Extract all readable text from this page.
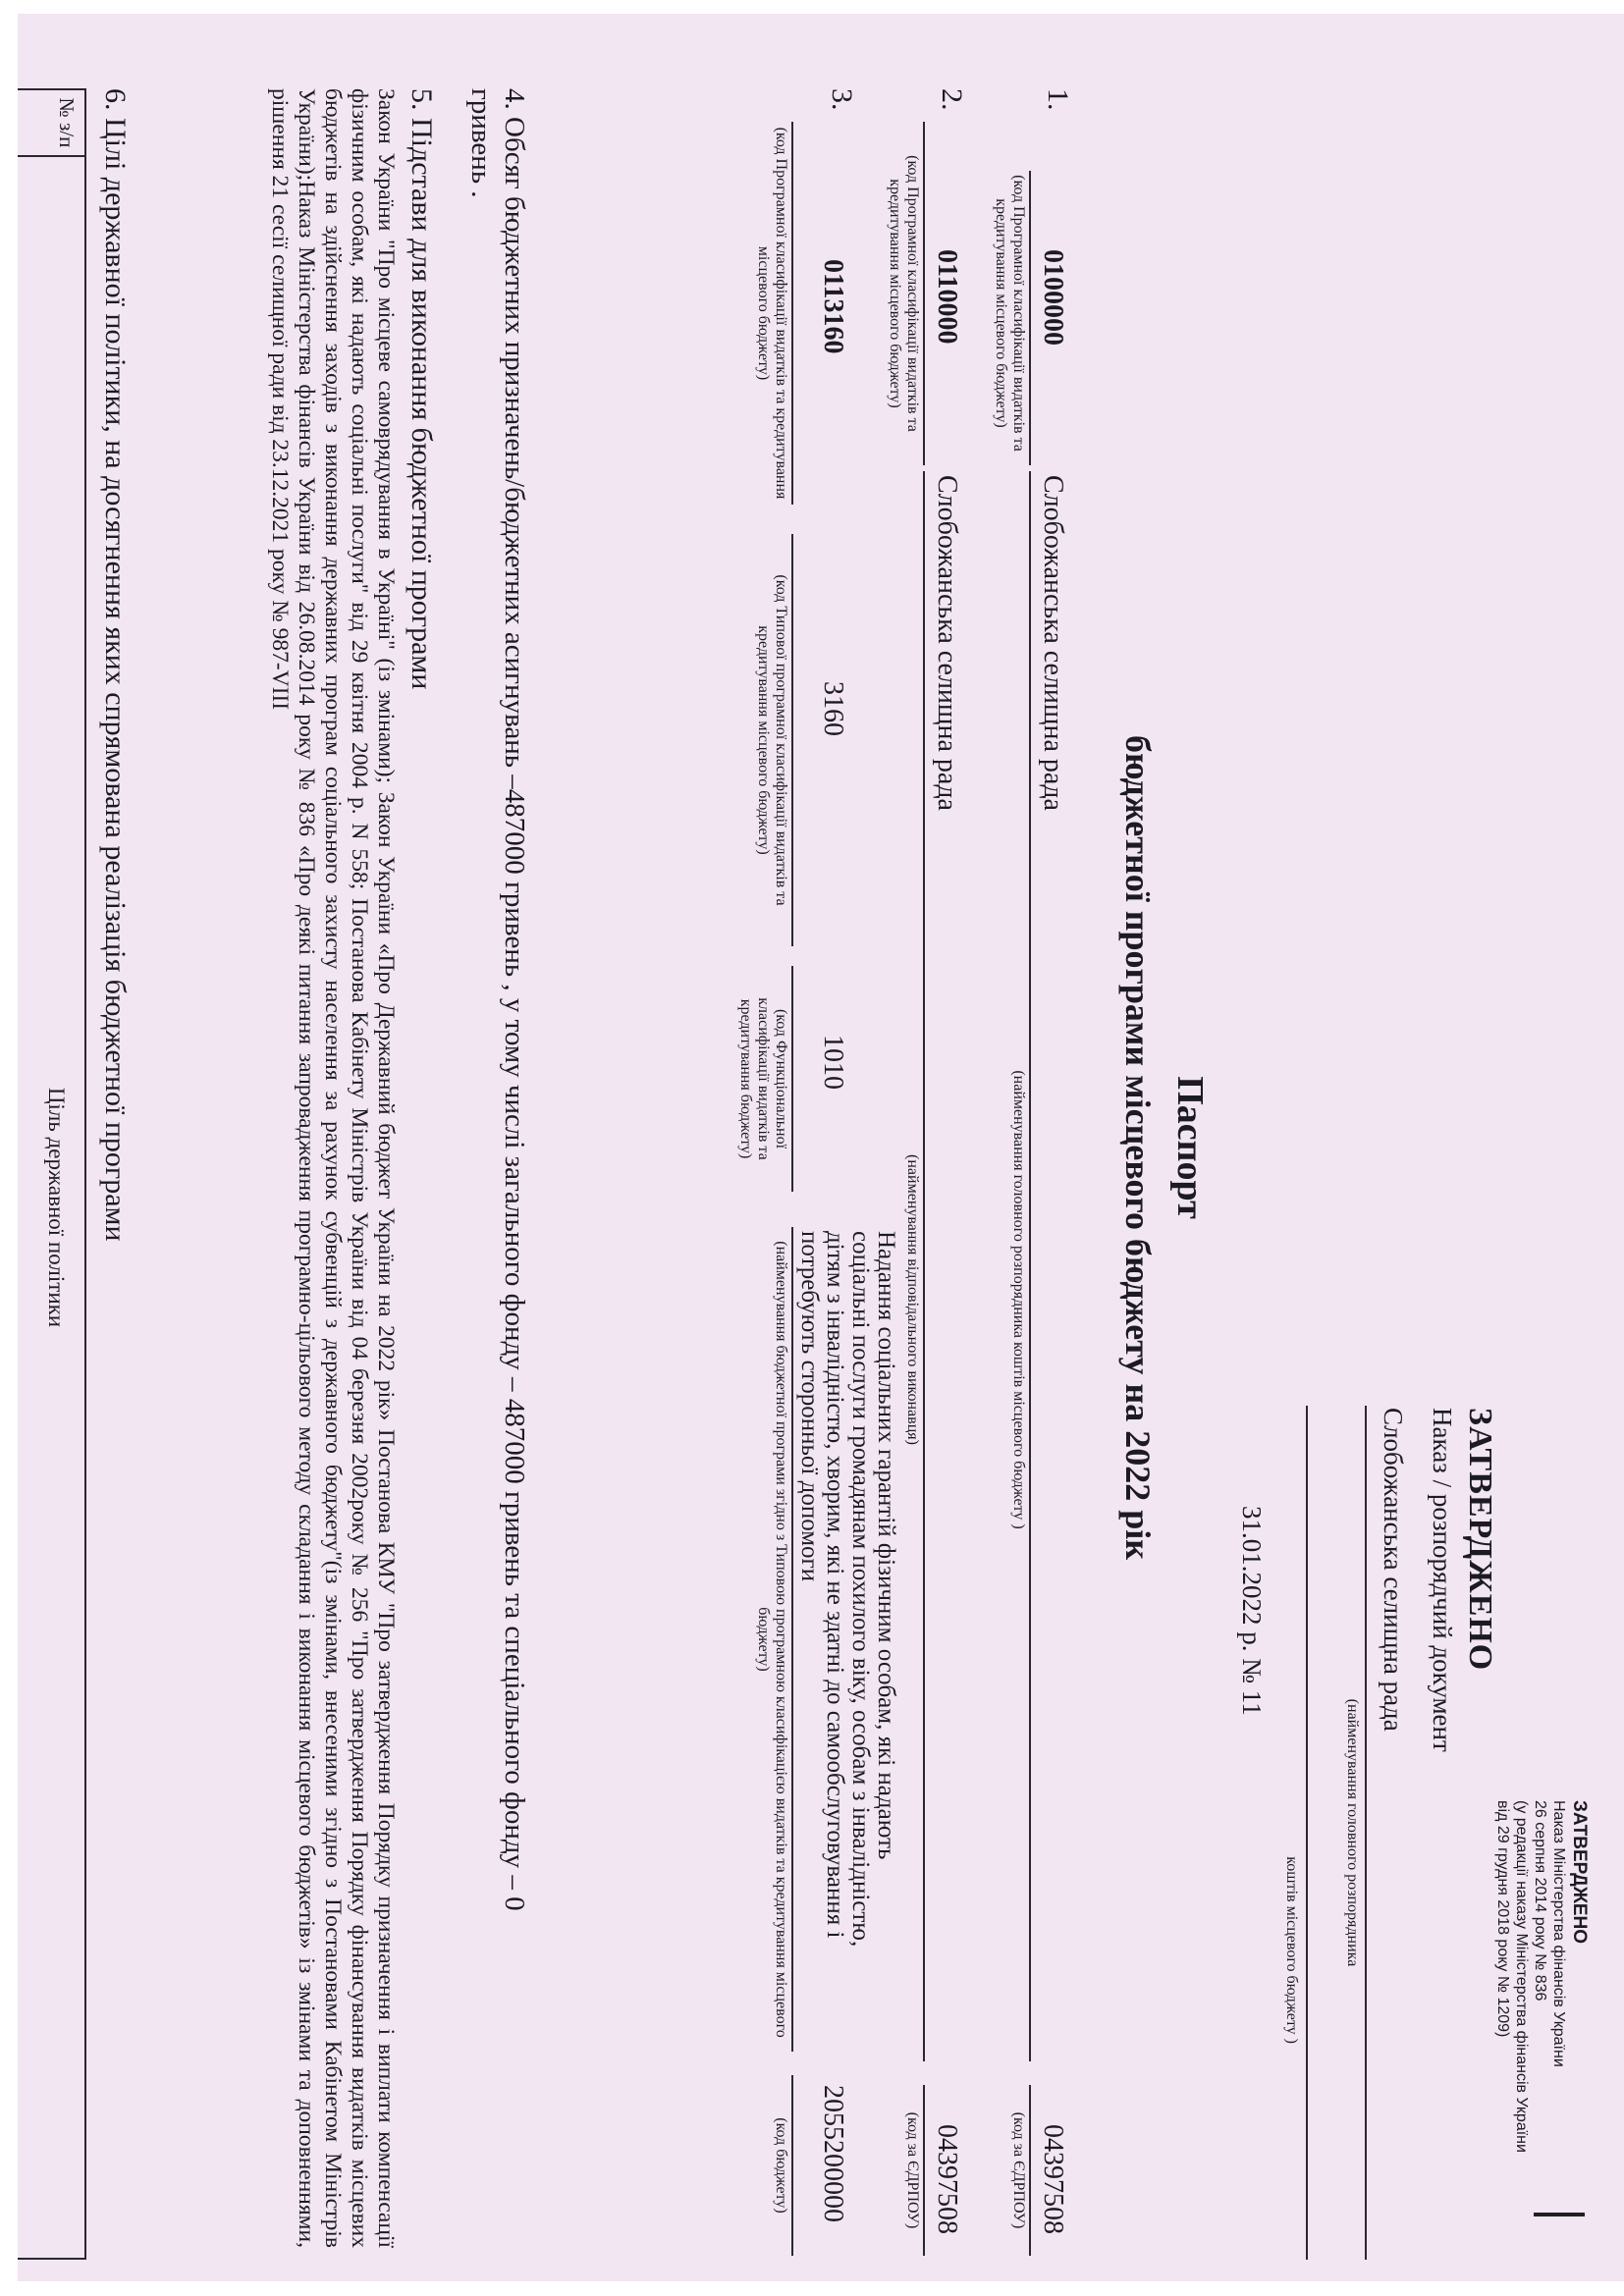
ЗАТВЕРДЖЕНО
Наказ Міністерства фінансів України
26 серпня 2014 року № 836
(у редакції наказу Міністерства фінансів України
від 29 грудня 2018 року № 1209)
ЗАТВЕРДЖЕНО
Наказ / розпорядчий документ
Слобожанська селищна рада
(найменування головного розпорядника
коштів місцевого бюджету )
31.01.2022 р. № 11
Паспорт
бюджетної програми місцевого бюджету на 2022 рік
1.
0100000
Слобожанська селищна рада
04397508
(код Програмної класифікації видатків та кредитування місцевого бюджету)
(найменування головного розпорядника коштів місцевого бюджету )
(код за ЄДРПОУ)
2.
0110000
Слобожанська селищна рада
04397508
(код Програмної класифікації видатків та кредитування місцевого бюджету)
(найменування відповідального виконавця)
(код за ЄДРПОУ)
3.
0113160
3160
1010
Надання соціальних гарантій фізичним особам, які надають
соціальні послуги громадянам похилого віку, особам з інвалідністю,
дітям з інвалідністю, хворим, які не здатні до самообслуговування і
потребують сторонньої допомоги
2055200000
(код Програмної класифікації видатків та кредитування місцевого бюджету)
(код Типової програмної класифікації видатків та кредитування місцевого бюджету)
(код Функціональної класифікації видатків та кредитування бюджету)
(найменування бюджетної програми згідно з Типовою програмною класифікацією видатків та кредитування місцевого бюджету)
(код бюджету)
4. Обсяг бюджетних призначень/бюджетних асигнувань –487000 гривень , у тому числі загального фонду – 487000 гривень та спеціального фонду – 0
гривень .
5. Підстави для виконання бюджетної програми
Закон України "Про місцеве самоврядування в Україні" (із змінами); Закон України «Про Державний бюджет України на 2022 рік» Постанова КМУ "Про затвердження Порядку призначення і виплати компенсації фізичним особам, які надають соціальні послуги" від 29 квітня 2004 р. N 558; Постанова Кабінету Міністрів України від 04 березня 2002року № 256 "Про затвердження Порядку фінансування видатків місцевих бюджетів на здійснення заходів з виконання державних програм соціального захисту населення за рахунок субвенцій з державного бюджету"(із змінами, внесеними згідно з Постановами Кабінетом Міністрів України);Наказ Міністерства фінансів України від 26.08.2014 року № 836 «Про деякі питання запровадження програмно-цільового методу складання і виконання місцевого бюджетів» із змінами та доповненнями, рішення 21 сесії селищної ради від 23.12.2021 року № 987-VIII
6. Цілі державної політики, на досягнення яких спрямована реалізація бюджетної програми
№ з/п
Ціль державної політики
